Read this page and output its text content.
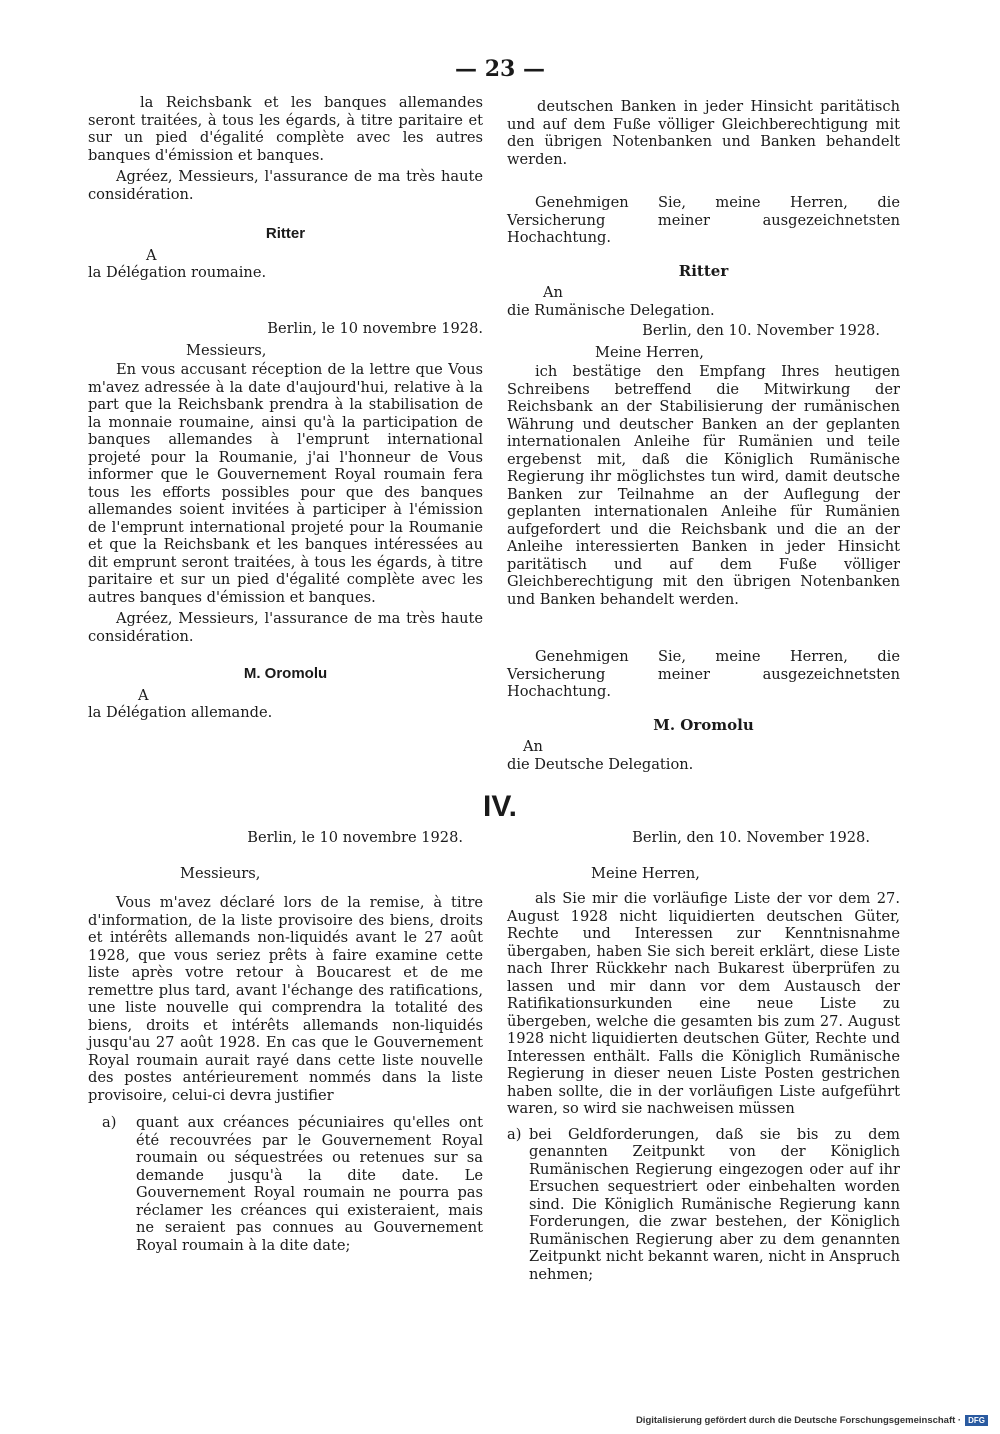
— 23 —

la Reichsbank et les banques allemandes seront traitées, à tous les égards, à titre paritaire et sur un pied d'égalité complète avec les autres banques d'émission et banques.

Agréez, Messieurs, l'assurance de ma très haute considération.

Ritter

A

la Délégation roumaine.

deutschen Banken in jeder Hinsicht paritätisch und auf dem Fuße völliger Gleichberechtigung mit den übrigen Notenbanken und Banken behandelt werden.

Genehmigen Sie, meine Herren, die Versicherung meiner ausgezeichnetsten Hochachtung.

Ritter

An

die Rumänische Delegation.

Berlin, le 10 novembre 1928.

Messieurs,

En vous accusant réception de la lettre que Vous m'avez adressée à la date d'aujourd'hui, relative à la part que la Reichsbank prendra à la stabilisation de la monnaie roumaine, ainsi qu'à la participation de banques allemandes à l'emprunt international projeté pour la Roumanie, j'ai l'honneur de Vous informer que le Gouvernement Royal roumain fera tous les efforts possibles pour que des banques allemandes soient invitées à participer à l'émission de l'emprunt international projeté pour la Roumanie et que la Reichsbank et les banques intéressées au dit emprunt seront traitées, à tous les égards, à titre paritaire et sur un pied d'égalité complète avec les autres banques d'émission et banques.

Agréez, Messieurs, l'assurance de ma très haute considération.

M. Oromolu

A

la Délégation allemande.

Berlin, den 10. November 1928.

Meine Herren,

ich bestätige den Empfang Ihres heutigen Schreibens betreffend die Mitwirkung der Reichsbank an der Stabilisierung der rumänischen Währung und deutscher Banken an der geplanten internationalen Anleihe für Rumänien und teile ergebenst mit, daß die Königlich Rumänische Regierung ihr möglichstes tun wird, damit deutsche Banken zur Teilnahme an der Auflegung der geplanten internationalen Anleihe für Rumänien aufgefordert und die Reichsbank und die an der Anleihe interessierten Banken in jeder Hinsicht paritätisch und auf dem Fuße völliger Gleichberechtigung mit den übrigen Notenbanken und Banken behandelt werden.

Genehmigen Sie, meine Herren, die Versicherung meiner ausgezeichnetsten Hochachtung.

M. Oromolu

An

die Deutsche Delegation.

IV.

Berlin, le 10 novembre 1928.

Messieurs,

Vous m'avez déclaré lors de la remise, à titre d'information, de la liste provisoire des biens, droits et intérêts allemands non-liquidés avant le 27 août 1928, que vous seriez prêts à faire examine cette liste après votre retour à Boucarest et de me remettre plus tard, avant l'échange des ratifications, une liste nouvelle qui comprendra la totalité des biens, droits et intérêts allemands non-liquidés jusqu'au 27 août 1928. En cas que le Gouvernement Royal roumain aurait rayé dans cette liste nouvelle des postes antérieurement nommés dans la liste provisoire, celui-ci devra justifier

a)	quant aux créances pécuniaires qu'elles ont été recouvrées par le Gouvernement Royal roumain ou séquestrées ou retenues sur sa demande jusqu'à la dite date. Le Gouvernement Royal roumain ne pourra pas réclamer les créances qui existeraient, mais ne seraient pas connues au Gouvernement Royal roumain à la dite date;

Berlin, den 10. November 1928.

Meine Herren,

als Sie mir die vorläufige Liste der vor dem 27. August 1928 nicht liquidierten deutschen Güter, Rechte und Interessen zur Kenntnisnahme übergaben, haben Sie sich bereit erklärt, diese Liste nach Ihrer Rückkehr nach Bukarest überprüfen zu lassen und mir dann vor dem Austausch der Ratifikationsurkunden eine neue Liste zu übergeben, welche die gesamten bis zum 27. August 1928 nicht liquidierten deutschen Güter, Rechte und Interessen enthält. Falls die Königlich Rumänische Regierung in dieser neuen Liste Posten gestrichen haben sollte, die in der vorläufigen Liste aufgeführt waren, so wird sie nachweisen müssen

a) bei Geldforderungen, daß sie bis zu dem genannten Zeitpunkt von der Königlich Rumänischen Regierung eingezogen oder auf ihr Ersuchen sequestriert oder einbehalten worden sind. Die Königlich Rumänische Regierung kann Forderungen, die zwar bestehen, der Königlich Rumänischen Regierung aber zu dem genannten Zeitpunkt nicht bekannt waren, nicht in Anspruch nehmen;
Digitalisierung gefördert durch die Deutsche Forschungsgemeinschaft · DFG
